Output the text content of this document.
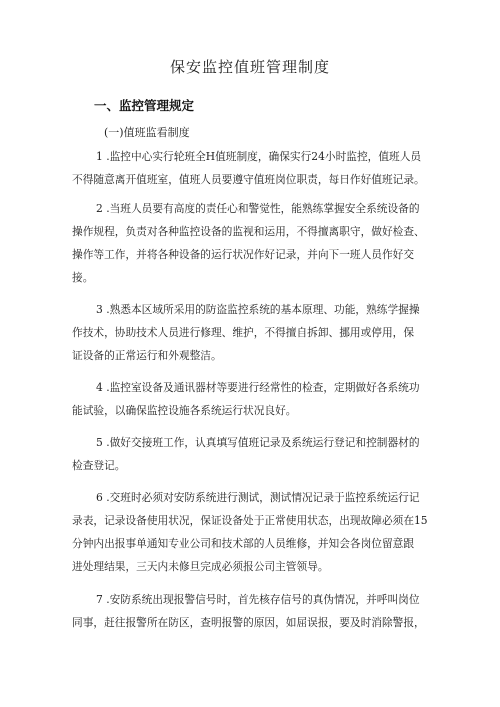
保安监控值班管理制度
一、监控管理规定
(一)值班监看制度
1 .监控中心实行轮班全H值班制度，确保实行24小时监控，值班人员
不得随意离开值班室，值班人员要遵守值班岗位职责，每日作好值班记录。
2 .当班人员要有高度的责任心和警觉性，能熟练掌握安全系统设备的
操作规程，负责对各种监控设备的监视和运用，不得擅离职守，做好检查、
操作等工作，并将各种设备的运行状况作好记录，并向下一班人员作好交
接。
3 .熟悉本区域所采用的防盗监控系统的基本原理、功能，熟练学握操
作技术，协助技术人员进行修理、维护，不得擅自拆卸、挪用或停用，保
证设备的正常运行和外观整洁。
4 .监控室设备及通讯器材等要进行经常性的检查，定期做好各系统功
能试验，以确保监控设施各系统运行状况良好。
5 .做好交接班工作，认真填写值班记录及系统运行登记和控制器材的
检查登记。
6 .交班时必须对安防系统进行测试，测试情况记录于监控系统运行记
录表，记录设备使用状况，保证设备处于正常使用状态，出现故障必须在15
分钟内出报事单通知专业公司和技术部的人员维修，并知会各岗位留意跟
进处理结果，三天内未修旦完成必须报公司主管领导。
7 .安防系统出现报警信号时，首先核存信号的真伪情况，并呼叫岗位
同事，赶往报警所在防区，查明报警的原因，如屈误报，要及时消除警报，
